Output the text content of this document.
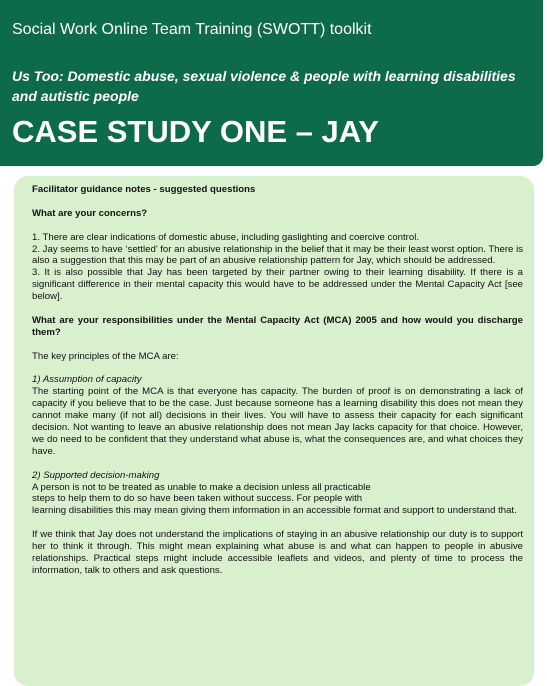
Social Work Online Team Training (SWOTT) toolkit
Us Too: Domestic abuse, sexual violence & people with learning disabilities and autistic people
CASE STUDY ONE – JAY

Facilitator guidance notes - suggested questions

What are your concerns?

1. There are clear indications of domestic abuse, including gaslighting and coercive control.

2. Jay seems to have ‘settled’ for an abusive relationship in the belief that it may be their least worst option. There is also a suggestion that this may be part of an abusive relationship pattern for Jay, which should be addressed.

3. It is also possible that Jay has been targeted by their partner owing to their learning disability. If there is a significant difference in their mental capacity this would have to be addressed under the Mental Capacity Act [see below].

What are your responsibilities under the Mental Capacity Act (MCA) 2005 and how would you discharge them?

The key principles of the MCA are:

1) Assumption of capacity

The starting point of the MCA is that everyone has capacity. The burden of proof is on demonstrating a lack of capacity if you believe that to be the case. Just because someone has a learning disability this does not mean they cannot make many (if not all) decisions in their lives. You will have to assess their capacity for each significant decision. Not wanting to leave an abusive relationship does not mean Jay lacks capacity for that choice. However, we do need to be confident that they understand what abuse is, what the consequences are, and what choices they have.

2) Supported decision-making

A person is not to be treated as unable to make a decision unless all practicable

steps to help them to do so have been taken without success. For people with

learning disabilities this may mean giving them information in an accessible format and support to understand that.

If we think that Jay does not understand the implications of staying in an abusive relationship our duty is to support her to think it through. This might mean explaining what abuse is and what can happen to people in abusive relationships. Practical steps might include accessible leaflets and videos, and plenty of time to process the information, talk to others and ask questions.
